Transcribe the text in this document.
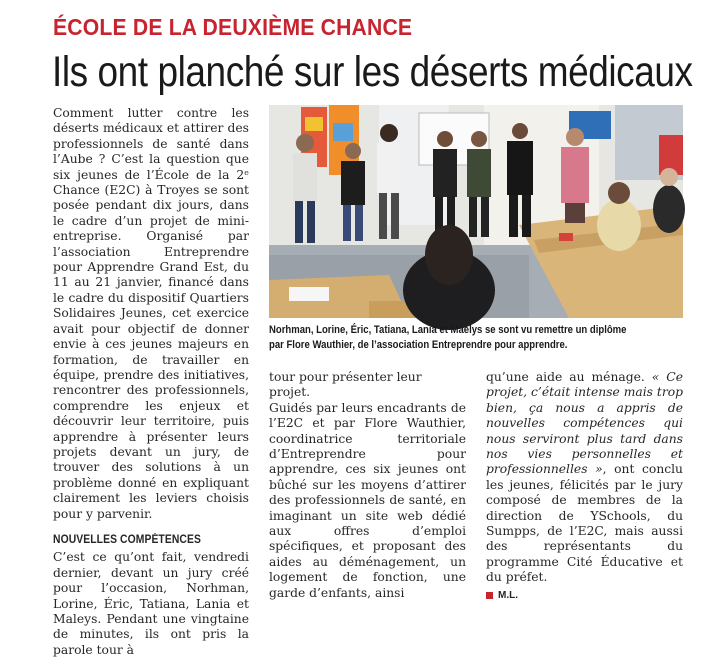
ÉCOLE DE LA DEUXIÈME CHANCE
Ils ont planché sur les déserts médicaux

Comment lutter contre les déserts médicaux et attirer des professionnels de santé dans l’Aube ? C’est la question que six jeunes de l’École de la 2ᵉ Chance (E2C) à Troyes se sont posée pendant dix jours, dans le cadre d’un projet de mini-entreprise. Organisé par l’association Entreprendre pour Apprendre Grand Est, du 11 au 21 janvier, financé dans le cadre du dispositif Quartiers Solidaires Jeunes, cet exercice avait pour objectif de donner envie à ces jeunes majeurs en formation, de travailler en équipe, prendre des initiatives, rencontrer des professionnels, comprendre les enjeux et découvrir leur territoire, puis apprendre à présenter leurs projets devant un jury, de trouver des solutions à un problème donné en expliquant clairement les leviers choisis pour y parvenir.

NOUVELLES COMPÉTENCES

C’est ce qu’ont fait, vendredi dernier, devant un jury créé pour l’occasion, Norhman, Lorine, Éric, Tatiana, Lania et Maleys. Pendant une vingtaine de minutes, ils ont pris la parole tour à

Norhman, Lorine, Éric, Tatiana, Lania et Maelys se sont vu remettre un diplôme
par Flore Wauthier, de l’association Entreprendre pour apprendre.

tour pour présenter leur projet.

Guidés par leurs encadrants de l’E2C et par Flore Wauthier, coordinatrice territoriale d’Entreprendre pour apprendre, ces six jeunes ont bûché sur les moyens d’attirer des professionnels de santé, en imaginant un site web dédié aux offres d’emploi spécifiques, et proposant des aides au déménagement, un logement de fonction, une garde d’enfants, ainsi

qu’une aide au ménage. « Ce projet, c’était intense mais trop bien, ça nous a appris de nouvelles compétences qui nous serviront plus tard dans nos vies personnelles et professionnelles », ont conclu les jeunes, félicités par le jury composé de membres de la direction de YSchools, du Sumpps, de l’E2C, mais aussi des représentants du programme Cité Éducative et du préfet.

M.L.
